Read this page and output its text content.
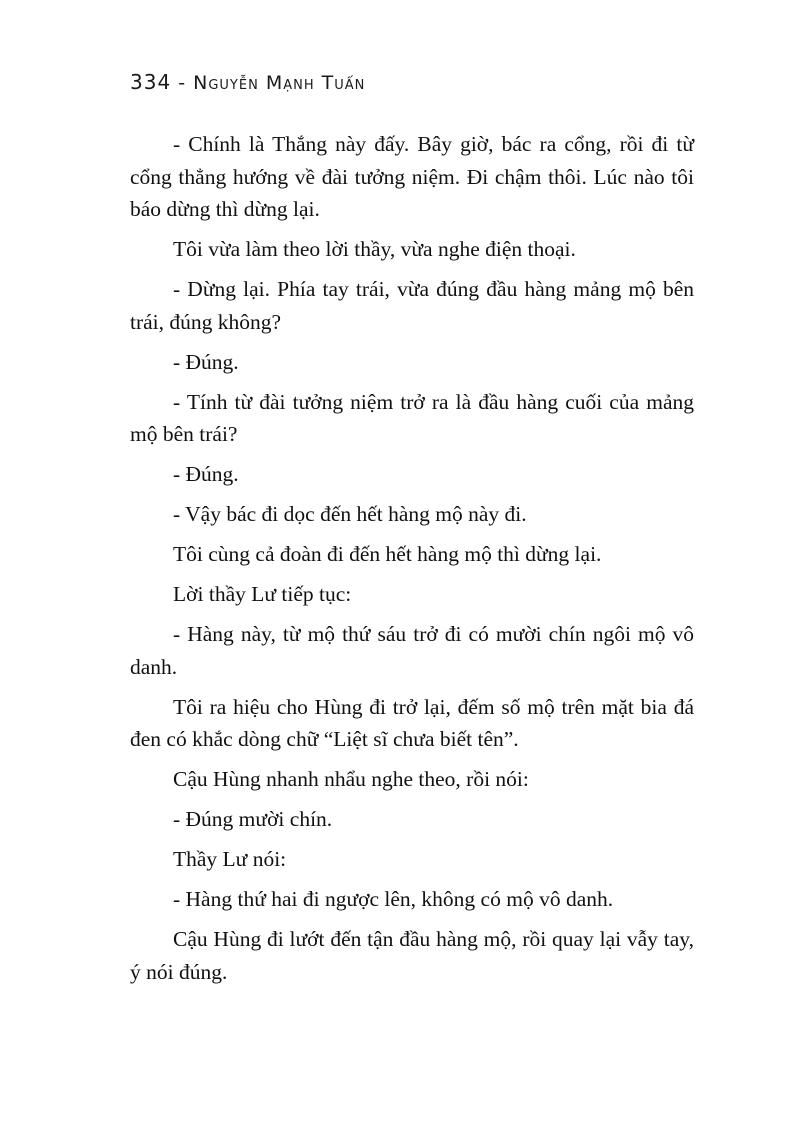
334 - Nguyễn Mạnh Tuấn

- Chính là Thắng này đấy. Bây giờ, bác ra cổng, rồi đi từ cổng thẳng hướng về đài tưởng niệm. Đi chậm thôi. Lúc nào tôi báo dừng thì dừng lại.

Tôi vừa làm theo lời thầy, vừa nghe điện thoại.

- Dừng lại. Phía tay trái, vừa đúng đầu hàng mảng mộ bên trái, đúng không?

- Đúng.

- Tính từ đài tưởng niệm trở ra là đầu hàng cuối của mảng mộ bên trái?

- Đúng.

- Vậy bác đi dọc đến hết hàng mộ này đi.

Tôi cùng cả đoàn đi đến hết hàng mộ thì dừng lại.

Lời thầy Lư tiếp tục:

- Hàng này, từ mộ thứ sáu trở đi có mười chín ngôi mộ vô danh.

Tôi ra hiệu cho Hùng đi trở lại, đếm số mộ trên mặt bia đá đen có khắc dòng chữ “Liệt sĩ chưa biết tên”.

Cậu Hùng nhanh nhẩu nghe theo, rồi nói:

- Đúng mười chín.

Thầy Lư nói:

- Hàng thứ hai đi ngược lên, không có mộ vô danh.

Cậu Hùng đi lướt đến tận đầu hàng mộ, rồi quay lại vẫy tay, ý nói đúng.
